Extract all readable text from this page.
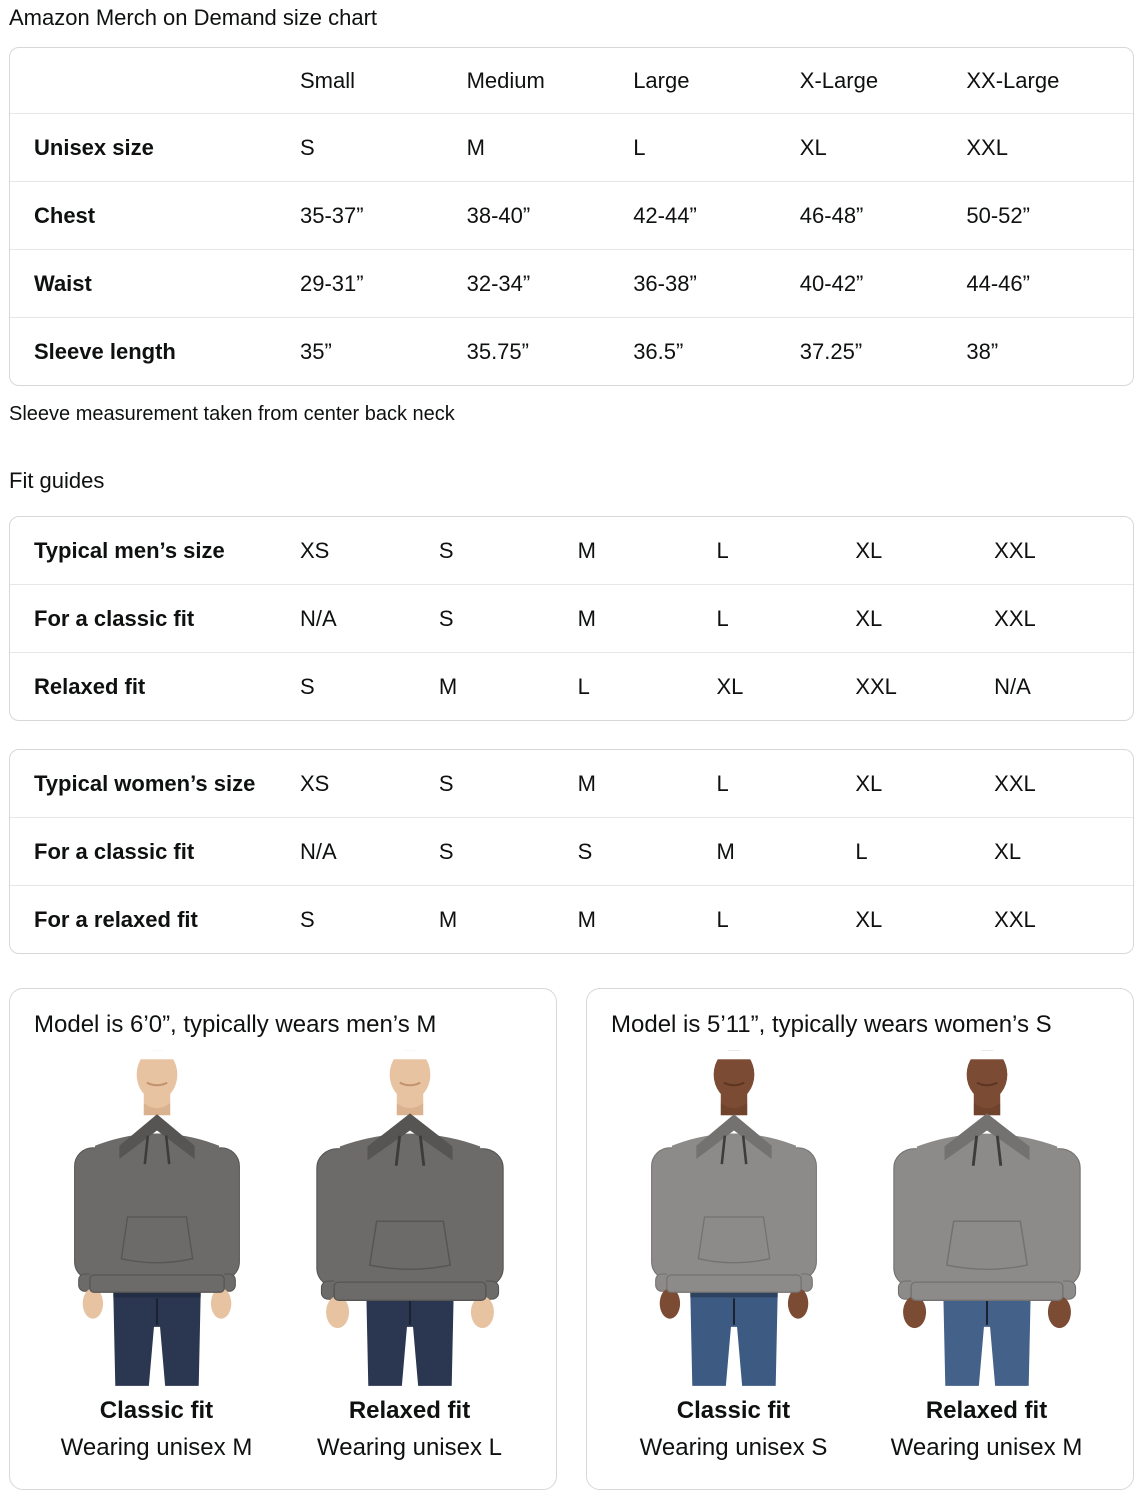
Amazon Merch on Demand size chart
	Small	Medium	Large	X-Large	XX-Large
Unisex size	S	M	L	XL	XXL
Chest	35-37”	38-40”	42-44”	46-48”	50-52”
Waist	29-31”	32-34”	36-38”	40-42”	44-46”
Sleeve length	35”	35.75”	36.5”	37.25”	38”

Sleeve measurement taken from center back neck

Fit guides
Typical men’s size	XS	S	M	L	XL	XXL
For a classic fit	N/A	S	M	L	XL	XXL
Relaxed fit	S	M	L	XL	XXL	N/A
Typical women’s size	XS	S	M	L	XL	XXL
For a classic fit	N/A	S	S	M	L	XL
For a relaxed fit	S	M	M	L	XL	XXL

Model is 6’0”, typically wears men’s M

Classic fit
Wearing unisex M
Relaxed fit
Wearing unisex L

Model is 5’11”, typically wears women’s S

Classic fit
Wearing unisex S
Relaxed fit
Wearing unisex M
